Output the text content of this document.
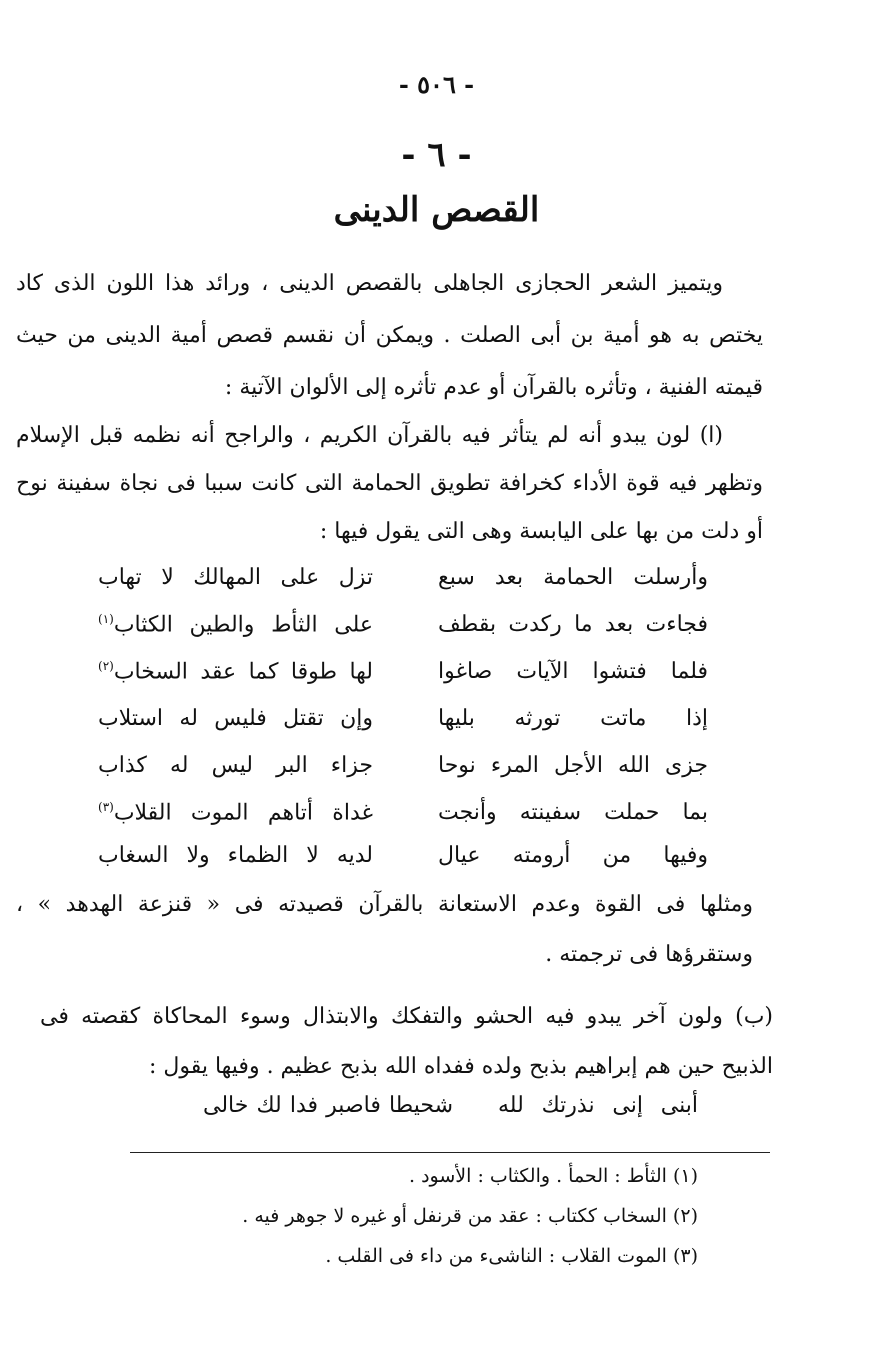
- ٥٠٦ -
- ٦ -
القصص الدينى

ويتميز الشعر الحجازى الجاهلى بالقصص الدينى ، ورائد هذا اللون الذى كاد يختص به هو أمية بن أبى الصلت . ويمكن أن نقسم قصص أمية الدينى من حيث قيمته الفنية ، وتأثره بالقرآن أو عدم تأثره إلى الألوان الآتية :

(ا) لون يبدو أنه لم يتأثر فيه بالقرآن الكريم ، والراجح أنه نظمه قبل الإسلام وتظهر فيه قوة الأداء كخرافة تطويق الحمامة التى كانت سببا فى نجاة سفينة نوح أو دلت من بها على اليابسة وهى التى يقول فيها :

وأرسلت الحمامة بعد سبع
تزل على المهالك لا تهاب
فجاءت بعد ما ركدت بقطف
على الثأط والطين الكثاب$^{(١)}$
فلما فتشوا الآيات صاغوا
لها طوقا كما عقد السخاب$^{(٢)}$
إذا ماتت تورثه بليها
وإن تقتل فليس له استلاب
جزى الله الأجل المرء نوحا
جزاء البر ليس له كذاب
بما حملت سفينته وأنجت
غداة أتاهم الموت القلاب$^{(٣)}$
وفيها من أرومته عيال
لديه لا الظماء ولا السغاب

ومثلها فى القوة وعدم الاستعانة بالقرآن قصيدته فى « قنزعة الهدهد » ، وستقرؤها فى ترجمته .

(ب) ولون آخر يبدو فيه الحشو والتفكك والابتذال وسوء المحاكاة كقصته فى الذبيح حين هم إبراهيم بذبح ولده ففداه الله بذبح عظيم . وفيها يقول :

أبنى إنى نذرتك لله
شحيطا فاصبر فدا لك خالى
(١) الثأط : الحمأ . والكثاب : الأسود .
(٢) السخاب ككتاب : عقد من قرنفل أو غيره لا جوهر فيه .
(٣) الموت القلاب : الناشىء من داء فى القلب .
